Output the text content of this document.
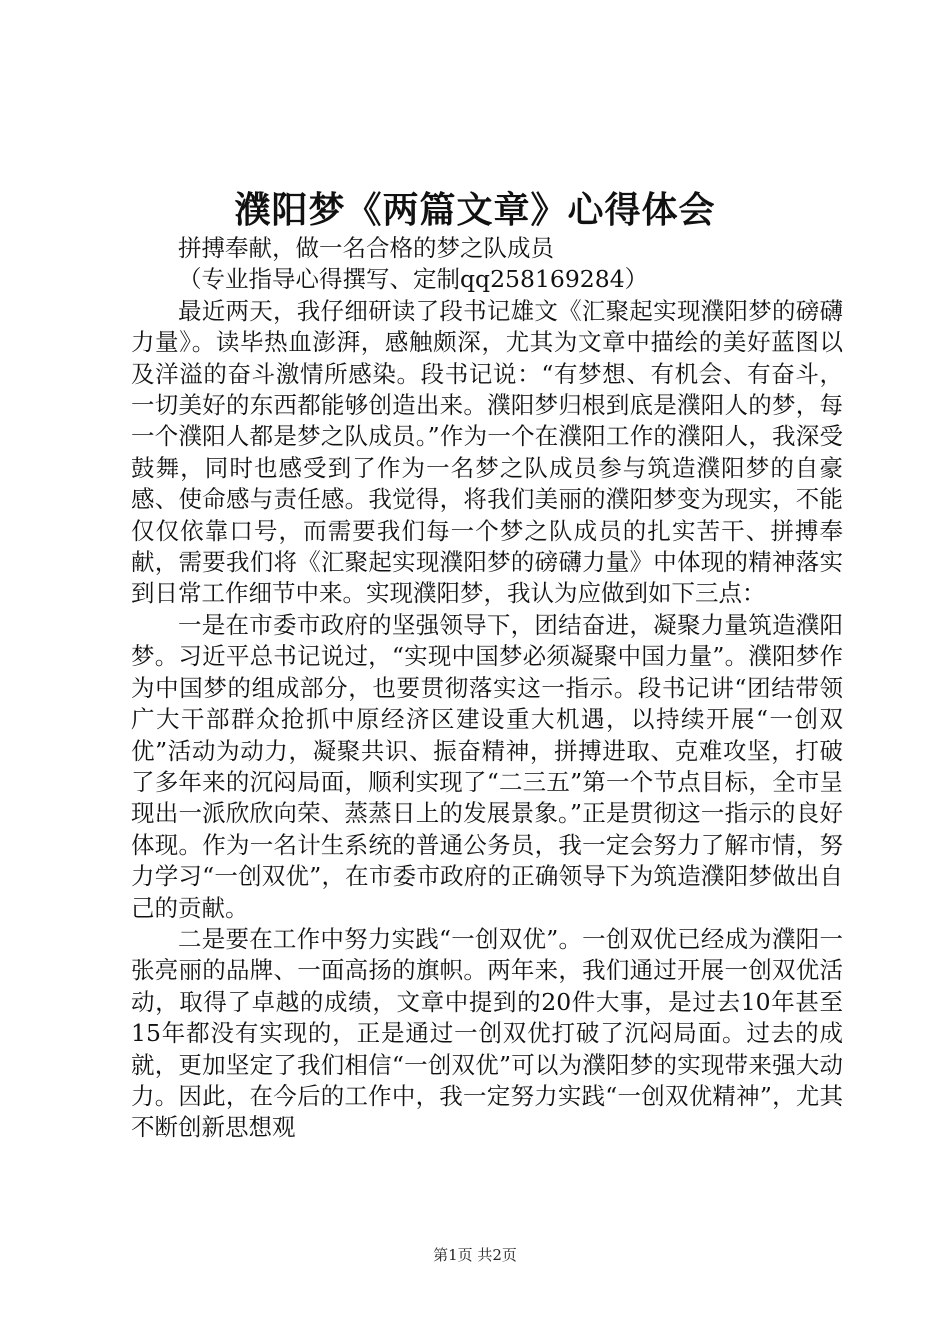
濮阳梦《两篇文章》心得体会

拼搏奉献，做一名合格的梦之队成员

（专业指导心得撰写、定制qq258169284）

最近两天，我仔细研读了段书记雄文《汇聚起实现濮阳梦的磅礴力量》。读毕热血澎湃，感触颇深，尤其为文章中描绘的美好蓝图以及洋溢的奋斗激情所感染。段书记说：“有梦想、有机会、有奋斗，一切美好的东西都能够创造出来。濮阳梦归根到底是濮阳人的梦，每一个濮阳人都是梦之队成员。”作为一个在濮阳工作的濮阳人，我深受鼓舞，同时也感受到了作为一名梦之队成员参与筑造濮阳梦的自豪感、使命感与责任感。我觉得，将我们美丽的濮阳梦变为现实，不能仅仅依靠口号，而需要我们每一个梦之队成员的扎实苦干、拼搏奉献，需要我们将《汇聚起实现濮阳梦的磅礴力量》中体现的精神落实到日常工作细节中来。实现濮阳梦，我认为应做到如下三点：

一是在市委市政府的坚强领导下，团结奋进，凝聚力量筑造濮阳梦。习近平总书记说过，“实现中国梦必须凝聚中国力量”。濮阳梦作为中国梦的组成部分，也要贯彻落实这一指示。段书记讲“团结带领广大干部群众抢抓中原经济区建设重大机遇，以持续开展“一创双优”活动为动力，凝聚共识、振奋精神，拼搏进取、克难攻坚，打破了多年来的沉闷局面，顺利实现了“二三五”第一个节点目标，全市呈现出一派欣欣向荣、蒸蒸日上的发展景象。”正是贯彻这一指示的良好体现。作为一名计生系统的普通公务员，我一定会努力了解市情，努力学习“一创双优”，在市委市政府的正确领导下为筑造濮阳梦做出自己的贡献。

二是要在工作中努力实践“一创双优”。一创双优已经成为濮阳一张亮丽的品牌、一面高扬的旗帜。两年来，我们通过开展一创双优活动，取得了卓越的成绩，文章中提到的20件大事，是过去10年甚至15年都没有实现的，正是通过一创双优打破了沉闷局面。过去的成就，更加坚定了我们相信“一创双优”可以为濮阳梦的实现带来强大动力。因此，在今后的工作中，我一定努力实践“一创双优精神”，尤其不断创新思想观

第1页 共2页
